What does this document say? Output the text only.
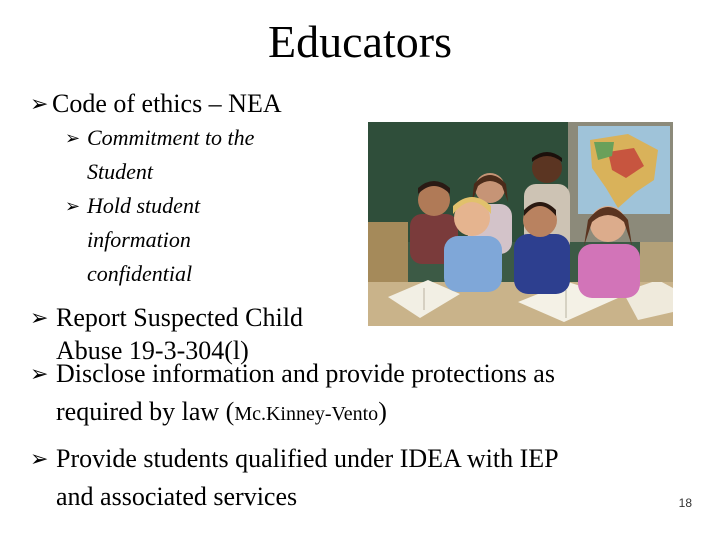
Educators
➢ Code of ethics – NEA
➢ Commitment to the
Student
➢ Hold student
information
confidential
➢ Report Suspected Child
Abuse 19-3-304(l)
➢ Disclose information and provide protections as
required by law (Mc.Kinney-Vento)
➢ Provide students qualified under IDEA with IEP
and associated services	18
